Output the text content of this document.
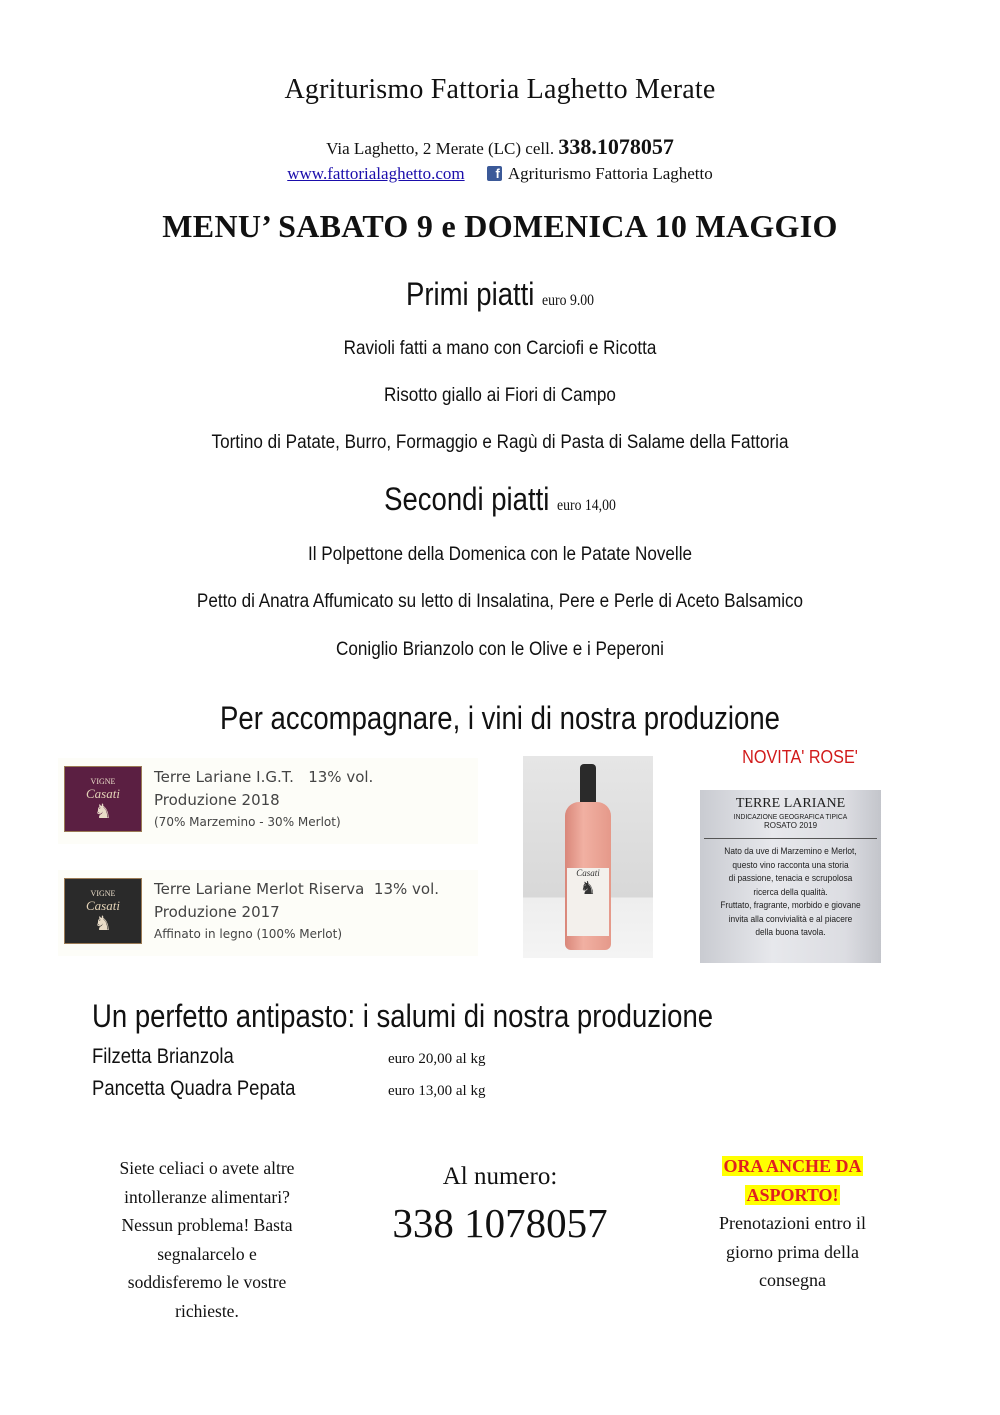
Agriturismo Fattoria Laghetto Merate
Via Laghetto, 2 Merate (LC) cell. 338.1078057
www.fattorialaghetto.com f Agriturismo Fattoria Laghetto
MENU’ SABATO 9 e DOMENICA 10 MAGGIO
Primi piatti euro 9.00
Ravioli fatti a mano con Carciofi e Ricotta
Risotto giallo ai Fiori di Campo
Tortino di Patate, Burro, Formaggio e Ragù di Pasta di Salame della Fattoria
Secondi piatti euro 14,00
Il Polpettone della Domenica con le Patate Novelle
Petto di Anatra Affumicato su letto di Insalatina, Pere e Perle di Aceto Balsamico
Coniglio Brianzolo con le Olive e i Peperoni
Per accompagnare, i vini di nostra produzione
NOVITA' ROSE'
VIGNE
Casati
♞
Terre Lariane I.G.T. 13% vol.
Produzione 2018
(70% Marzemino - 30% Merlot)
VIGNE
Casati
♞
Terre Lariane Merlot Riserva 13% vol.
Produzione 2017
Affinato in legno (100% Merlot)
Casati
♞
TERRE LARIANE
INDICAZIONE GEOGRAFICA TIPICA
ROSATO 2019
Nato da uve di Marzemino e Merlot,
questo vino racconta una storia
di passione, tenacia e scrupolosa
ricerca della qualità.
Fruttato, fragrante, morbido e giovane
invita alla convivialità e al piacere
della buona tavola.
Un perfetto antipasto: i salumi di nostra produzione
Filzetta Brianzola	euro 20,00 al kg
Pancetta Quadra Pepata	euro 13,00 al kg
Siete celiaci o avete altre
intolleranze alimentari?
Nessun problema! Basta
segnalarcelo e
soddisferemo le vostre
richieste.
Al numero:
338 1078057
ORA ANCHE DA
ASPORTO!
Prenotazioni entro il
giorno prima della
consegna
